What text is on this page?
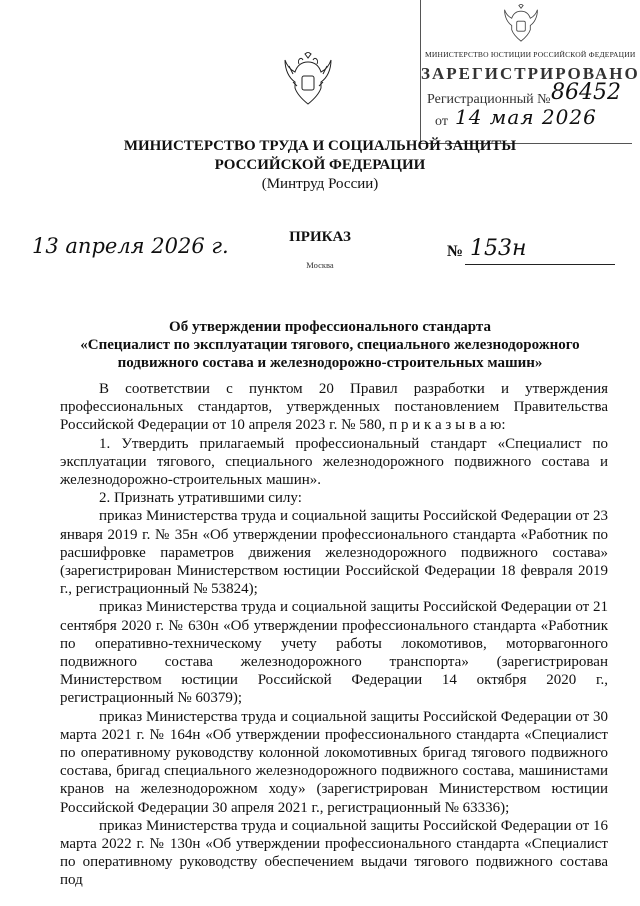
МИНИСТЕРСТВО ЮСТИЦИИ РОССИЙСКОЙ ФЕДЕРАЦИИ
ЗАРЕГИСТРИРОВАНО
Регистрационный № 86452
от 14 мая 2026
МИНИСТЕРСТВО ТРУДА И СОЦИАЛЬНОЙ ЗАЩИТЫ
РОССИЙСКОЙ ФЕДЕРАЦИИ
(Минтруд России)
ПРИКАЗ
Москва
13 апреля 2026 г.	№ 153н
Об утверждении профессионального стандарта
«Специалист по эксплуатации тягового, специального железнодорожного
подвижного состава и железнодорожно-строительных машин»

В соответствии с пунктом 20 Правил разработки и утверждения профессиональных стандартов, утвержденных постановлением Правительства Российской Федерации от 10 апреля 2023 г. № 580, п р и к а з ы в а ю:

1. Утвердить прилагаемый профессиональный стандарт «Специалист по эксплуатации тягового, специального железнодорожного подвижного состава и железнодорожно-строительных машин».

2. Признать утратившими силу:

приказ Министерства труда и социальной защиты Российской Федерации от 23 января 2019 г. № 35н «Об утверждении профессионального стандарта «Работник по расшифровке параметров движения железнодорожного подвижного состава» (зарегистрирован Министерством юстиции Российской Федерации 18 февраля 2019 г., регистрационный № 53824);

приказ Министерства труда и социальной защиты Российской Федерации от 21 сентября 2020 г. № 630н «Об утверждении профессионального стандарта «Работник по оперативно-техническому учету работы локомотивов, моторвагонного подвижного состава железнодорожного транспорта» (зарегистрирован Министерством юстиции Российской Федерации 14 октября 2020 г., регистрационный № 60379);

приказ Министерства труда и социальной защиты Российской Федерации от 30 марта 2021 г. № 164н «Об утверждении профессионального стандарта «Специалист по оперативному руководству колонной локомотивных бригад тягового подвижного состава, бригад специального железнодорожного подвижного состава, машинистами кранов на железнодорожном ходу» (зарегистрирован Министерством юстиции Российской Федерации 30 апреля 2021 г., регистрационный № 63336);

приказ Министерства труда и социальной защиты Российской Федерации от 16 марта 2022 г. № 130н «Об утверждении профессионального стандарта «Специалист по оперативному руководству обеспечением выдачи тягового подвижного состава под
